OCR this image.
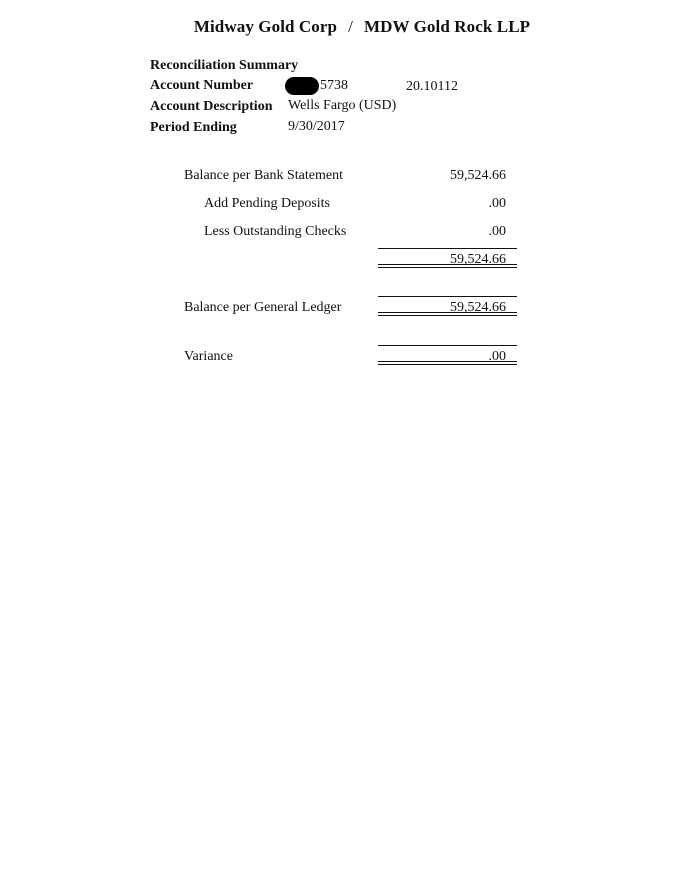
Midway Gold Corp / MDW Gold Rock LLP
Reconciliation Summary
Account Number	5738	20.10112
Account Description Wells Fargo (USD)
Period Ending	9/30/2017
Balance per Bank Statement	59,524.66
Add Pending Deposits	.00
Less Outstanding Checks	.00
59,524.66
Balance per General Ledger	59,524.66
Variance	.00
